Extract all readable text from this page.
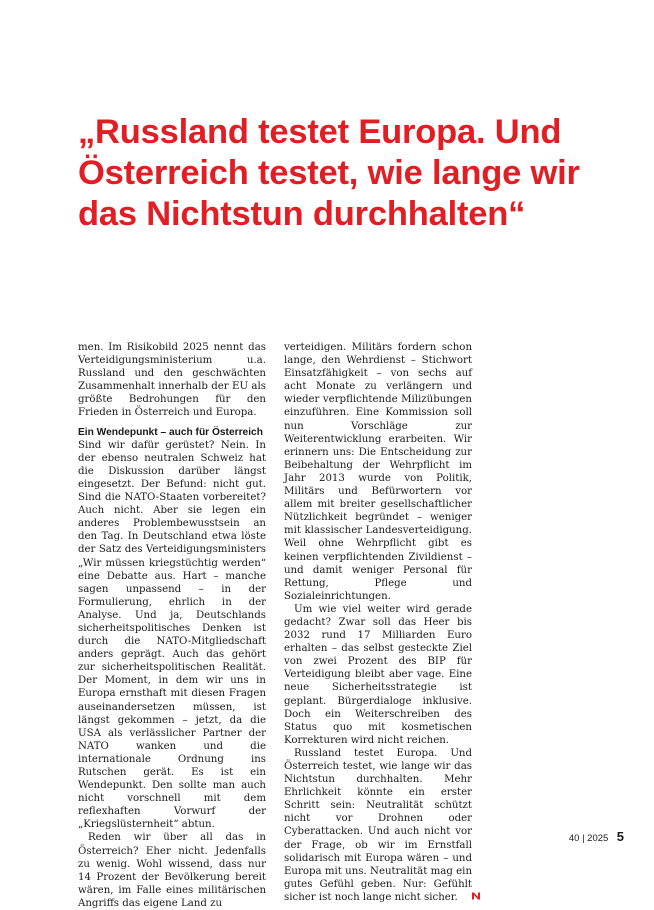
„Russland testet Europa. Und Österreich testet, wie lange wir das Nichtstun durchhalten“

men. Im Risikobild 2025 nennt das Verteidigungsministerium u.a. Russland und den geschwächten Zusammenhalt innerhalb der EU als größte Bedrohungen für den Frieden in Österreich und Europa.

Ein Wendepunkt – auch für Österreich

Sind wir dafür gerüstet? Nein. In der ebenso neutralen Schweiz hat die Diskussion darüber längst eingesetzt. Der Befund: nicht gut. Sind die NATO-Staaten vorbereitet? Auch nicht. Aber sie legen ein anderes Problembewusstsein an den Tag. In Deutschland etwa löste der Satz des Verteidigungsministers „Wir müssen kriegstüchtig werden“ eine Debatte aus. Hart – manche sagen unpassend – in der Formulierung, ehrlich in der Analyse. Und ja, Deutschlands sicherheitspolitisches Denken ist durch die NATO-Mitgliedschaft anders geprägt. Auch das gehört zur sicherheitspolitischen Realität. Der Moment, in dem wir uns in Europa ernsthaft mit diesen Fragen auseinandersetzen müssen, ist längst gekommen – jetzt, da die USA als verlässlicher Partner der NATO wanken und die internationale Ordnung ins Rutschen gerät. Es ist ein Wendepunkt. Den sollte man auch nicht vorschnell mit dem reflexhaften Vorwurf der „Kriegslüsternheit“ abtun.

Reden wir über all das in Österreich? Eher nicht. Jedenfalls zu wenig. Wohl wissend, dass nur 14 Prozent der Bevölkerung bereit wären, im Falle eines militärischen Angriffs das eigene Land zu

verteidigen. Militärs fordern schon lange, den Wehrdienst – Stichwort Einsatzfähigkeit – von sechs auf acht Monate zu verlängern und wieder verpflichtende Milizübungen einzuführen. Eine Kommission soll nun Vorschläge zur Weiterentwicklung erarbeiten. Wir erinnern uns: Die Entscheidung zur Beibehaltung der Wehrpflicht im Jahr 2013 wurde von Politik, Militärs und Befürwortern vor allem mit breiter gesellschaftlicher Nützlichkeit begründet – weniger mit klassischer Landesverteidigung. Weil ohne Wehrpflicht gibt es keinen verpflichtenden Zivildienst – und damit weniger Personal für Rettung, Pflege und Sozialeinrichtungen.

Um wie viel weiter wird gerade gedacht? Zwar soll das Heer bis 2032 rund 17 Milliarden Euro erhalten – das selbst gesteckte Ziel von zwei Prozent des BIP für Verteidigung bleibt aber vage. Eine neue Sicherheitsstrategie ist geplant. Bürgerdialoge inklusive. Doch ein Weiterschreiben des Status quo mit kosmetischen Korrekturen wird nicht reichen.

Russland testet Europa. Und Österreich testet, wie lange wir das Nichtstun durchhalten. Mehr Ehrlichkeit könnte ein erster Schritt sein: Neutralität schützt nicht vor Drohnen oder Cyberattacken. Und auch nicht vor der Frage, ob wir im Ernstfall solidarisch mit Europa wären – und Europa mit uns. Neutralität mag ein gutes Gefühl geben. Nur: Gefühlt sicher ist noch lange nicht sicher.

40 | 2025 5
